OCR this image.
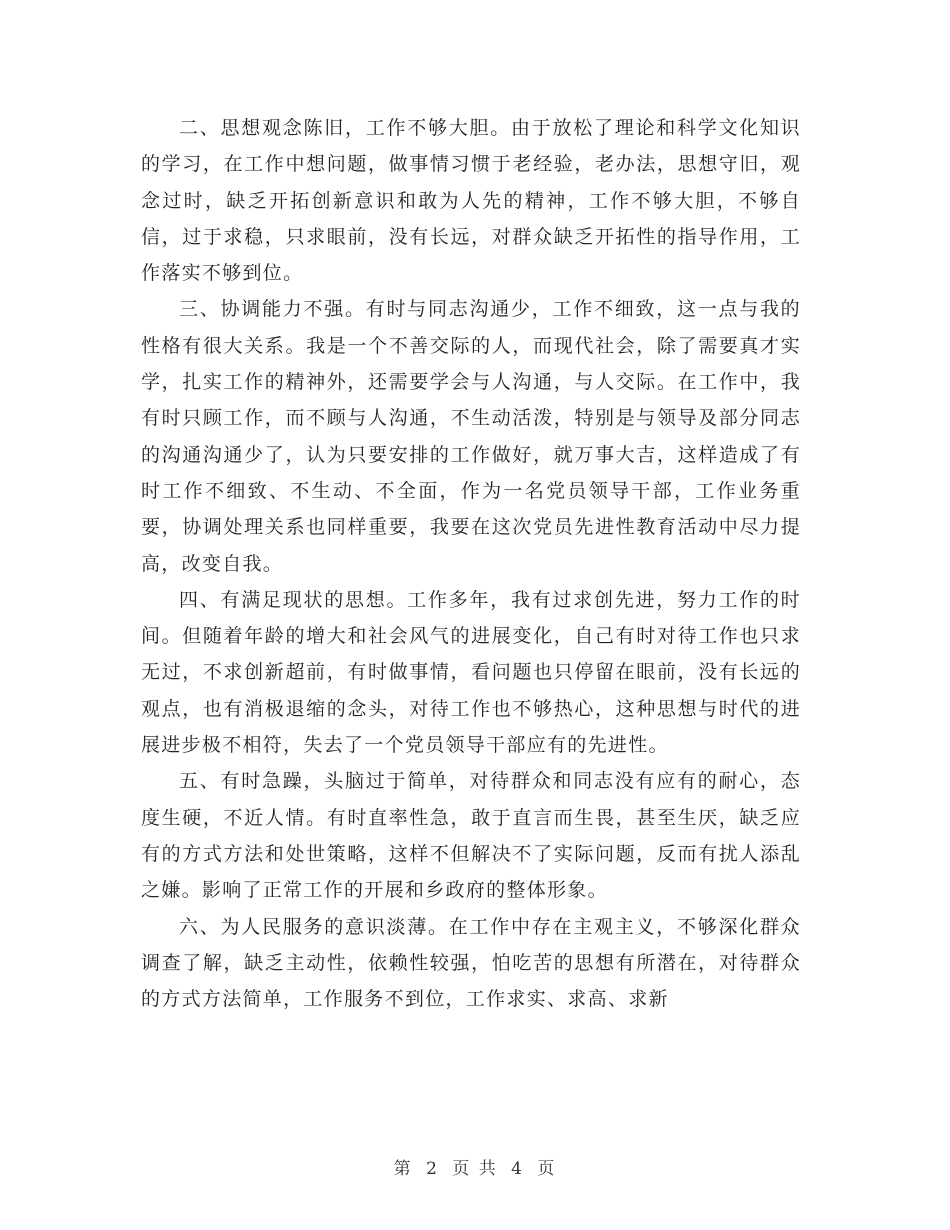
二、思想观念陈旧，工作不够大胆。由于放松了理论和科学文化知识的学习，在工作中想问题，做事情习惯于老经验，老办法，思想守旧，观念过时，缺乏开拓创新意识和敢为人先的精神，工作不够大胆，不够自信，过于求稳，只求眼前，没有长远，对群众缺乏开拓性的指导作用，工作落实不够到位。

三、协调能力不强。有时与同志沟通少，工作不细致，这一点与我的性格有很大关系。我是一个不善交际的人，而现代社会，除了需要真才实学，扎实工作的精神外，还需要学会与人沟通，与人交际。在工作中，我有时只顾工作，而不顾与人沟通，不生动活泼，特别是与领导及部分同志的沟通沟通少了，认为只要安排的工作做好，就万事大吉，这样造成了有时工作不细致、不生动、不全面，作为一名党员领导干部，工作业务重要，协调处理关系也同样重要，我要在这次党员先进性教育活动中尽力提高，改变自我。

四、有满足现状的思想。工作多年，我有过求创先进，努力工作的时间。但随着年龄的增大和社会风气的进展变化，自己有时对待工作也只求无过，不求创新超前，有时做事情，看问题也只停留在眼前，没有长远的观点，也有消极退缩的念头，对待工作也不够热心，这种思想与时代的进展进步极不相符，失去了一个党员领导干部应有的先进性。

五、有时急躁，头脑过于简单，对待群众和同志没有应有的耐心，态度生硬，不近人情。有时直率性急，敢于直言而生畏，甚至生厌，缺乏应有的方式方法和处世策略，这样不但解决不了实际问题，反而有扰人添乱之嫌。影响了正常工作的开展和乡政府的整体形象。

六、为人民服务的意识淡薄。在工作中存在主观主义，不够深化群众调查了解，缺乏主动性，依赖性较强，怕吃苦的思想有所潜在，对待群众的方式方法简单，工作服务不到位，工作求实、求高、求新

第 2 页 共 4 页
